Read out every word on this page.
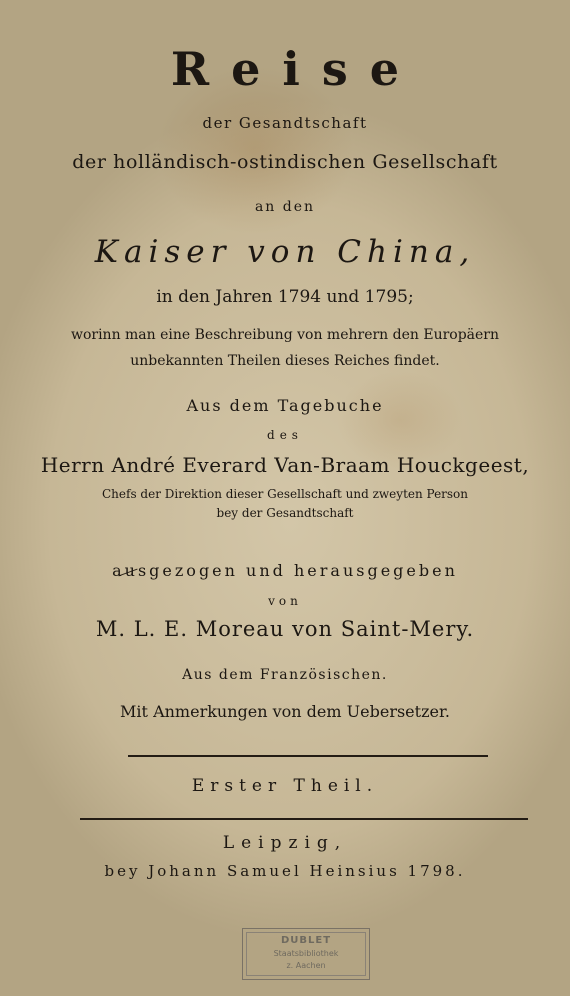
Reise
der Gesandtschaft
der holländisch-ostindischen Gesellschaft
an den
Kaiser von China,
in den Jahren 1794 und 1795;
worinn man eine Beschreibung von mehrern den Europäern
unbekannten Theilen dieses Reiches findet.
Aus dem Tagebuche
des
Herrn André Everard Van-Braam Houckgeest,
Chefs der Direktion dieser Gesellschaft und zweyten Person
bey der Gesandtschaft
ausgezogen und herausgegeben
von
M. L. E. Moreau von Saint-Mery.
Aus dem Französischen.
Mit Anmerkungen von dem Uebersetzer.
Erster Theil.
Leipzig,
bey Johann Samuel Heinsius 1798.
DUBLET
Staatsbibliothek
z. Aachen
